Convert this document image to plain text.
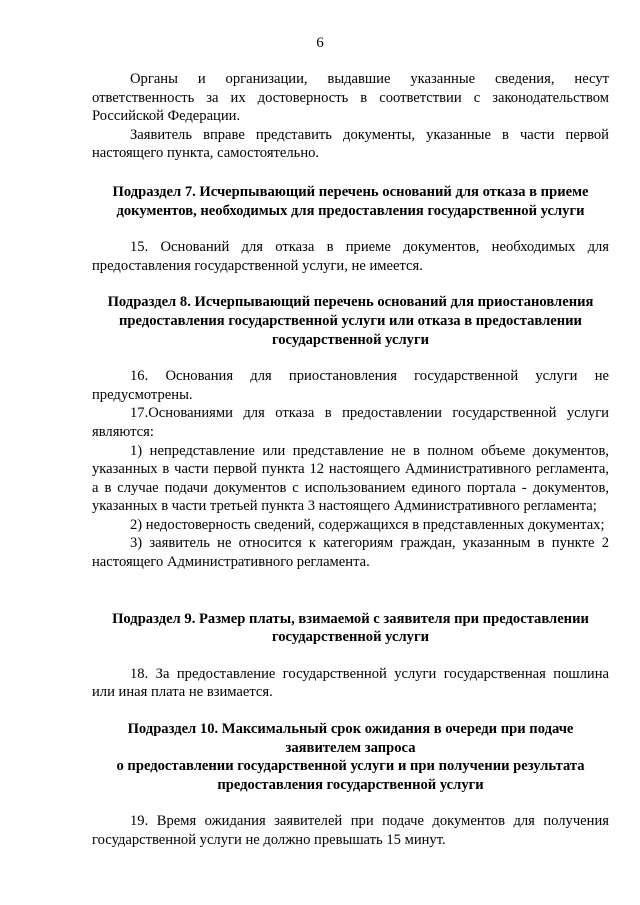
6

Органы и организации, выдавшие указанные сведения, несут ответственность за их достоверность в соответствии с законодательством Российской Федерации.

Заявитель вправе представить документы, указанные в части первой настоящего пункта, самостоятельно.

Подраздел 7. Исчерпывающий перечень оснований для отказа в приеме
документов, необходимых для предоставления государственной услуги

15. Оснований для отказа в приеме документов, необходимых для предоставления государственной услуги, не имеется.

Подраздел 8. Исчерпывающий перечень оснований для приостановления
предоставления государственной услуги или отказа в предоставлении
государственной услуги

16. Основания для приостановления государственной услуги не предусмотрены.

17.Основаниями для отказа в предоставлении государственной услуги являются:

1) непредставление или представление не в полном объеме документов, указанных в части первой пункта 12 настоящего Административного регламента, а в случае подачи документов с использованием единого портала - документов, указанных в части третьей пункта 3 настоящего Административного регламента;

2) недостоверность сведений, содержащихся в представленных документах;

3) заявитель не относится к категориям граждан, указанным в пункте 2 настоящего Административного регламента.

Подраздел 9. Размер платы, взимаемой с заявителя при предоставлении
государственной услуги

18. За предоставление государственной услуги государственная пошлина или иная плата не взимается.

Подраздел 10. Максимальный срок ожидания в очереди при подаче
заявителем запроса
о предоставлении государственной услуги и при получении результата
предоставления государственной услуги

19. Время ожидания заявителей при подаче документов для получения государственной услуги не должно превышать 15 минут.
